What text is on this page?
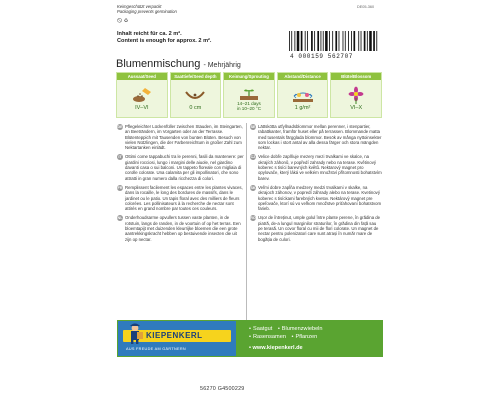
Keimgeschützt verpackt
Packaging prevents germination
🛇 ♻
DE05-360
Inhalt reicht für ca. 2 m².
Content is enough for approx. 2 m².
4 000159 562707
Blumenmischung - Mehrjährig
Aussaat/Seed
IV–VI
Saattiefe/Seed depth
0 cm
Keimung/Sprouting
14–21 days
in 10–20 °C
Abstand/Distance
1 g/m²
Blüte/Blossom
VI–X
DE Pflegeleichter Lückenfüller zwischen Stauden, im Steingarten, an Beeträndern, im Vorgarten oder an der Terrasse. Blütenteppich mit Tausenden von bunten Blüten. Besuch von vielen Nützlingen, die der Farbenreichtum in großer Zahl zum Nektartanken einlädt.
IT Ottimi come tappabuchi tra le perenni, fasili da mantenere: per giardini rocciosi, lungo i margini delle aiuole, nel giardino davanti casa o sui balconi. Un tappeto floreale con migliaia di corolle colorate. Una calamita per gli impollinatori, che sono attratti in gran numero dalla ricchezza di colori.
FR Remplissent facilement les espaces entre les plantes vivaces, dans la rocaille, le long des bordures de massifs, dans le jardinet ou le patio. Un tapis floral avec des milliers de fleurs colorées. Les pollinisateurs à la recherche de nectar sont attirés en grand nombre par toutes ces couleurs.
NL Onderhoudsarme opvullers tussen vaste planten, in de rotstuin, langs de randen, in de voortuin of op het terras. Een bloemtapijt met duizenden kleurrijke bloemen die een grote aantrekkingskracht hebben op bestuivende insecten die uit zijn op nectar.
SE Lättskötta utfyllnadsblommor mellan perenner, i stenpartier, rabattkanter, framför huset eller på terrassen. Blommande matta med tusentals färgglada blommor. Besök av många nyttoinsekter som lockas i stort antal av alla dessa färger och stora mängden nektar.
CZ Velice dobře zaplňuje mezery mezi trvalkami ve skalce, na okrajích záhonů, v popředí zahrady nebo na terase. Květinový koberec s tisíci barevných květů. Nektarový magnet pro opylovače, který láká ve velkém množství přítomnosti bohatstvím barev.
SK Veľmi dobre zapĺňa medzery medzi trvalkami v skalke, na okrajoch záhonov, v popredí záhrady alebo na terase. Kvetinový koberec s tisíckami farebných kvetov. Nektárový magnet pre opeľovače, ktorí sú vo veľkom množstve priťahovaní bohatstvom farieb.
RO Ușor de întreținut, umple golul între plante perene, în grădina de piatră, de-a lungul marginilor straturilor, în grădina din față sau pe terasă. Un covor floral cu mii de flori colorate. Un magnet de nectar pentru polenizatori care sunt atrași în număr mare de bogăția de culori.
KIEPENKERL
AUS FREUDE AM GÄRTNERN
• Saatgut • Blumenzwiebeln
• Rasensamen • Pflanzen
• www.kiepenkerl.de
56270 G4500229
